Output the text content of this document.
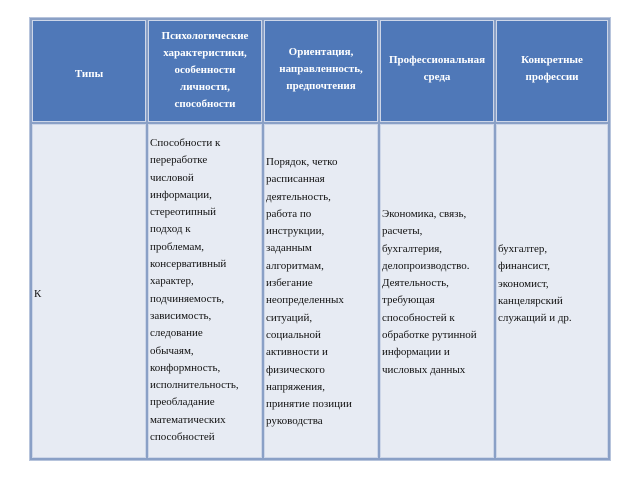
Типы
Психологические
характеристики,
особенности
личности,
способности
Ориентация,
направленность,
предпочтения
Профессиональная
среда
Конкретные
профессии
К
Способности к
переработке
числовой
информации,
стереотипный
подход к
проблемам,
консервативный
характер,
подчиняемость,
зависимость,
следование
обычаям,
конформность,
исполнительность,
преобладание
математических
способностей
Порядок, четко
расписанная
деятельность,
работа по
инструкции,
заданным
алгоритмам,
избегание
неопределенных
ситуаций,
социальной
активности и
физического
напряжения,
принятие позиции
руководства
Экономика, связь,
расчеты,
бухгалтерия,
делопроизводство.
Деятельность,
требующая
способностей к
обработке рутинной
информации и
числовых данных
бухгалтер,
финансист,
экономист,
канцелярский
служащий и др.
